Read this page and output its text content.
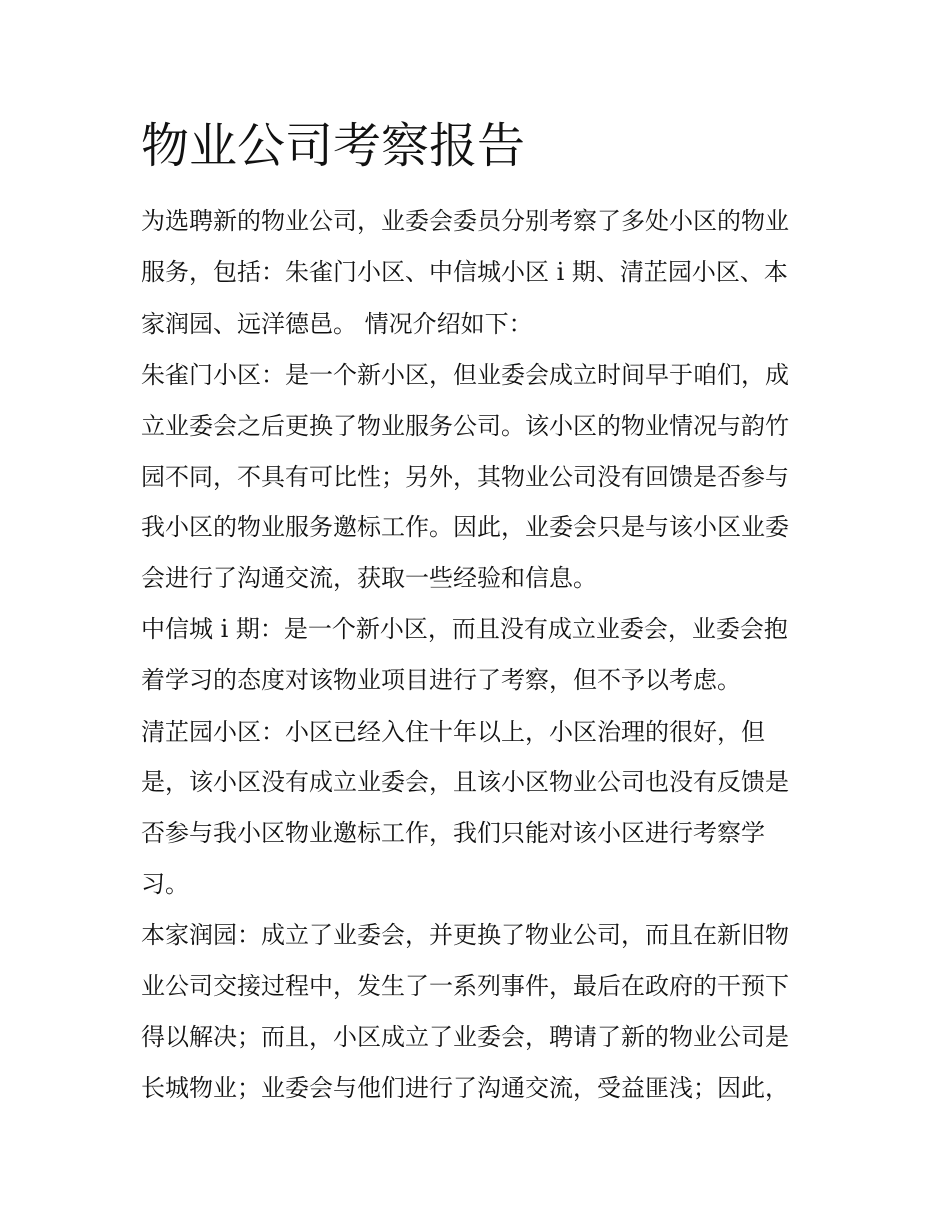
物业公司考察报告

为选聘新的物业公司，业委会委员分别考察了多处小区的物业

服务，包括：朱雀门小区、中信城小区 i 期、清芷园小区、本

家润园、远洋德邑。 情况介绍如下：

朱雀门小区：是一个新小区，但业委会成立时间早于咱们，成

立业委会之后更换了物业服务公司。该小区的物业情况与韵竹

园不同，不具有可比性；另外，其物业公司没有回馈是否参与

我小区的物业服务邀标工作。因此，业委会只是与该小区业委

会进行了沟通交流，获取一些经验和信息。

中信城 i 期：是一个新小区，而且没有成立业委会，业委会抱

着学习的态度对该物业项目进行了考察，但不予以考虑。

清芷园小区：小区已经入住十年以上，小区治理的很好，但

是，该小区没有成立业委会，且该小区物业公司也没有反馈是

否参与我小区物业邀标工作，我们只能对该小区进行考察学

习。

本家润园：成立了业委会，并更换了物业公司，而且在新旧物

业公司交接过程中，发生了一系列事件，最后在政府的干预下

得以解决；而且，小区成立了业委会，聘请了新的物业公司是

长城物业；业委会与他们进行了沟通交流，受益匪浅；因此，
